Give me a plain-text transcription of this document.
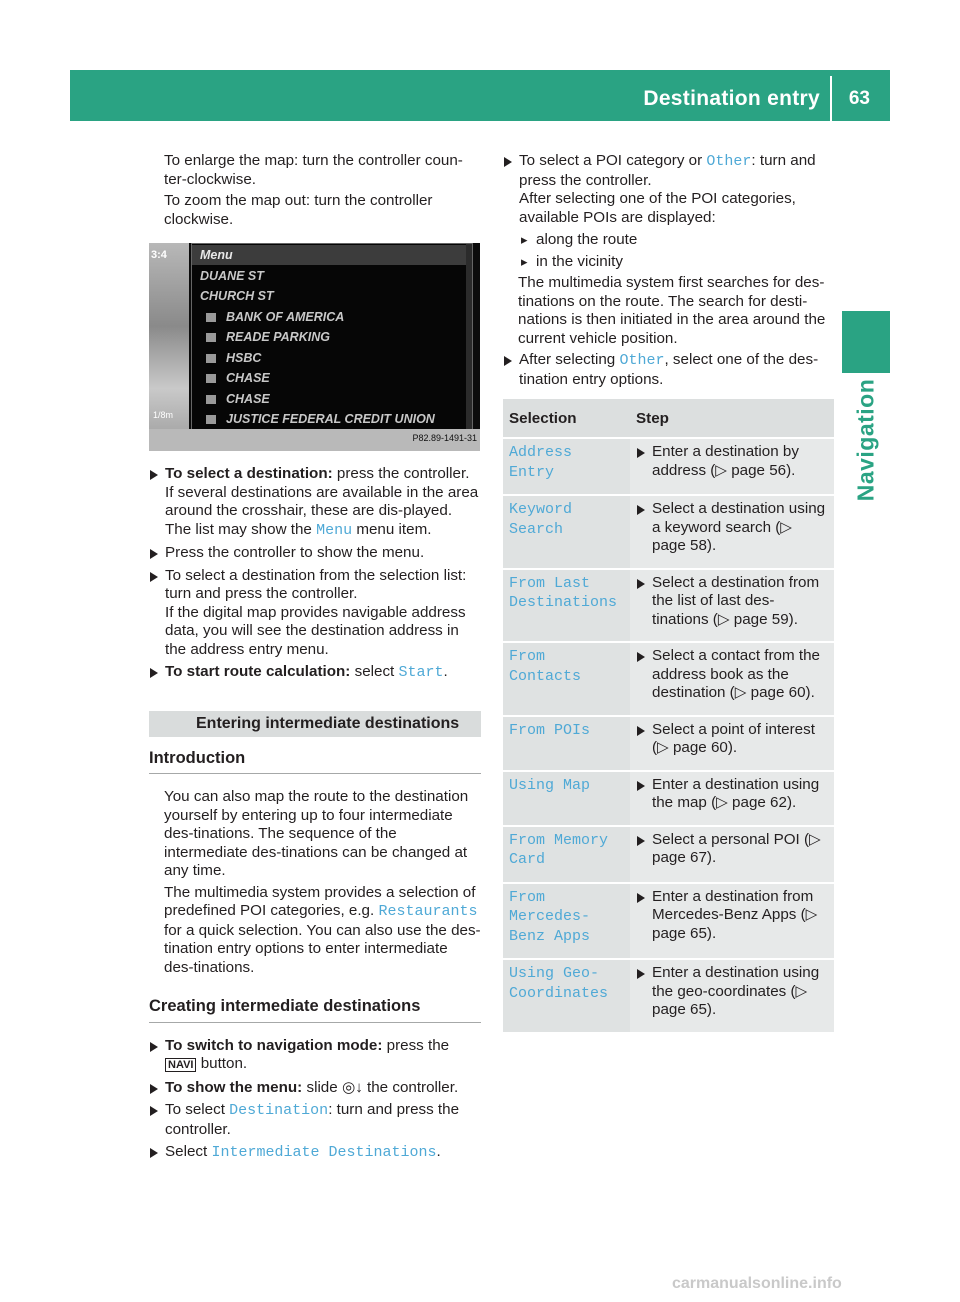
Destination entry 63
Navigation

To enlarge the map: turn the controller coun-ter-clockwise.

To zoom the map out: turn the controller clockwise.

3:4
1/8m
Menu
DUANE ST
CHURCH ST
BANK OF AMERICA
READE PARKING
HSBC
CHASE
CHASE
JUSTICE FEDERAL CREDIT UNION
P82.89-1491-31
To select a destination: press the controller.
If several destinations are available in the area around the crosshair, these are dis-played. The list may show the Menu menu item.
Press the controller to show the menu.
To select a destination from the selection list: turn and press the controller.
If the digital map provides navigable address data, you will see the destination address in the address entry menu.
To start route calculation: select Start.
Entering intermediate destinations
Introduction

You can also map the route to the destination yourself by entering up to four intermediate des-tinations. The sequence of the intermediate des-tinations can be changed at any time.

The multimedia system provides a selection of predefined POI categories, e.g. Restaurants for a quick selection. You can also use the des-tination entry options to enter intermediate des-tinations.

Creating intermediate destinations
To switch to navigation mode: press the
NAVI button.
To show the menu: slide ◎↓ the controller.
To select Destination: turn and press the controller.
Select Intermediate Destinations.
To select a POI category or Other: turn and press the controller.
After selecting one of the POI categories, available POIs are displayed:
▸ along the route
▸ in the vicinity

The multimedia system first searches for des-tinations on the route. The search for desti-nations is then initiated in the area around the current vehicle position.

After selecting Other, select one of the des-tination entry options.
Selection	Step
Address Entry	Enter a destination by address (▷ page 56).

Keyword Search	Select a destination using a keyword search (▷ page 58).

From Last Destinations	Select a destination from the list of last des-tinations (▷ page 59).

From Contacts	Select a contact from the address book as the destination (▷ page 60).

From POIs	Select a point of interest (▷ page 60).

Using Map	Enter a destination using the map (▷ page 62).

From Memory Card	Select a personal POI (▷ page 67).

From Mercedes-Benz Apps	Enter a destination from Mercedes-Benz Apps (▷ page 65).

Using Geo-Coordinates	Enter a destination using the geo-coordinates (▷ page 65).
carmanualsonline.info
